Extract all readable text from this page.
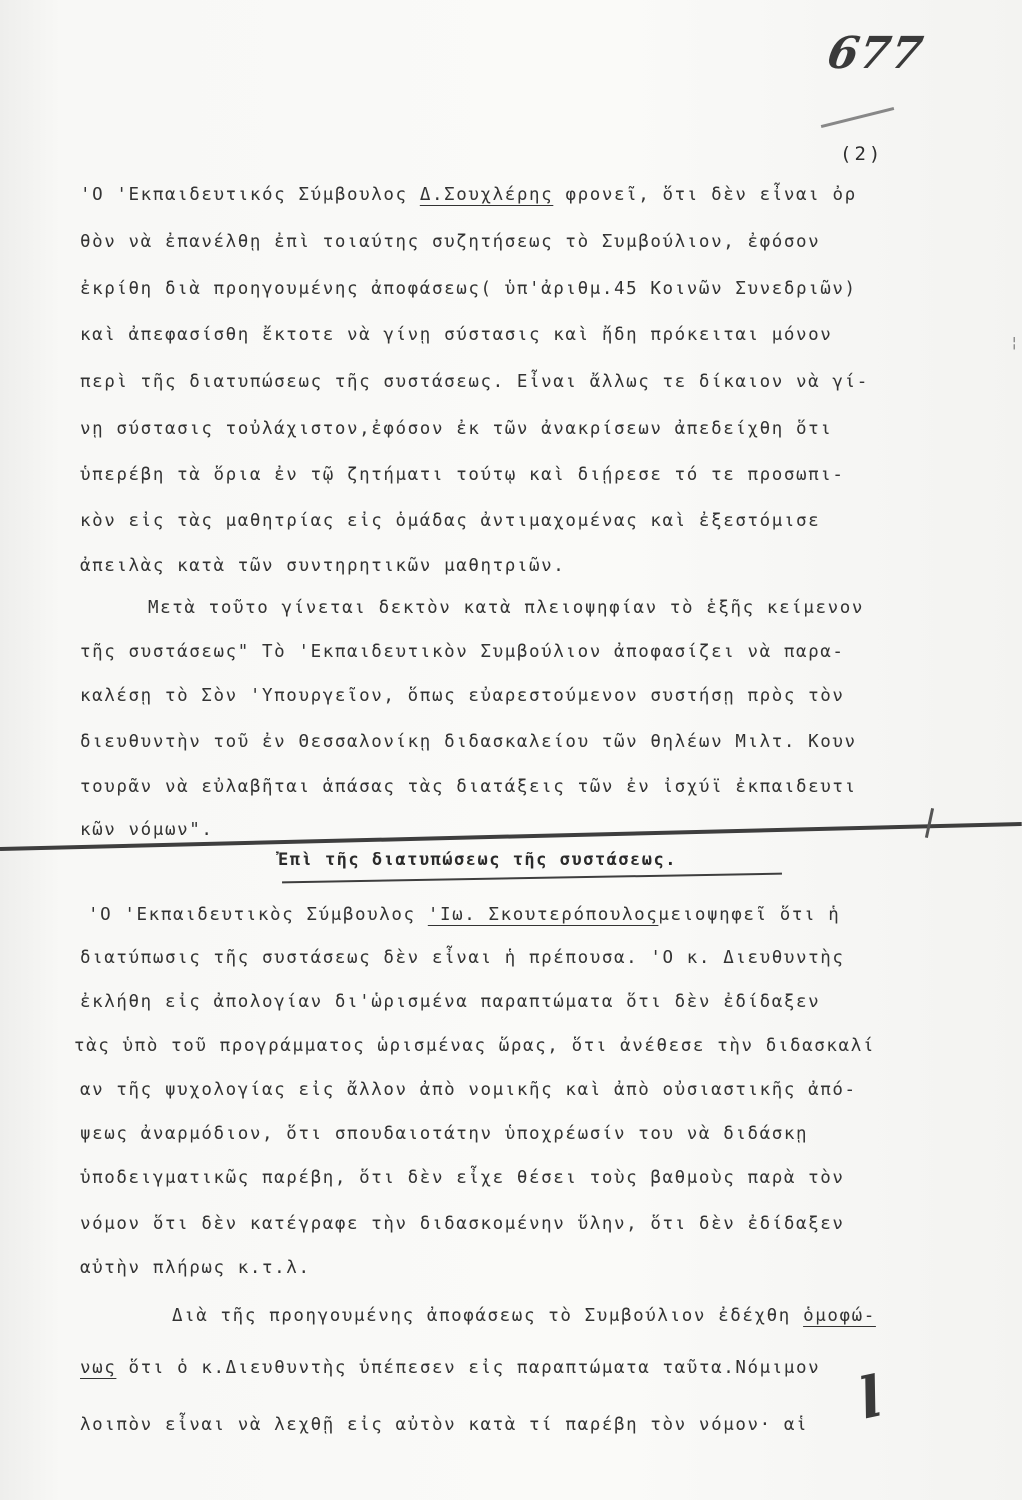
677
(2)
¦
'Ο 'Εκπαιδευτικός Σύμβουλος Δ.Σουχλέρης φρονεῖ, ὅτι δὲν εἶναι ὀρ
θὸν νὰ ἐπανέλθῃ ἐπὶ τοιαύτης συζητήσεως τὸ Συμβούλιον, ἐφόσον
ἐκρίθη διὰ προηγουμένης ἀποφάσεως( ὑπ'ἀριθμ.45 Κοινῶν Συνεδριῶν)
καὶ ἀπεφασίσθη ἔκτοτε νὰ γίνῃ σύστασις καὶ ἤδη πρόκειται μόνον
περὶ τῆς διατυπώσεως τῆς συστάσεως. Εἶναι ἄλλως τε δίκαιον νὰ γί-
νῃ σύστασις τοὐλάχιστον,ἐφόσον ἐκ τῶν ἀνακρίσεων ἀπεδείχθη ὅτι
ὑπερέβη τὰ ὅρια ἐν τῷ ζητήματι τούτῳ καὶ διῄρεσε τό τε προσωπι-
κὸν εἰς τὰς μαθητρίας εἰς ὁμάδας ἀντιμαχομένας καὶ ἐξεστόμισε
ἀπειλὰς κατὰ τῶν συντηρητικῶν μαθητριῶν.
Μετὰ τοῦτο γίνεται δεκτὸν κατὰ πλειοψηφίαν τὸ ἑξῆς κείμενον
τῆς συστάσεως" Τὸ 'Εκπαιδευτικὸν Συμβούλιον ἀποφασίζει νὰ παρα-
καλέσῃ τὸ Σὸν 'Υπουργεῖον, ὅπως εὐαρεστούμενον συστήσῃ πρὸς τὸν
διευθυντὴν τοῦ ἐν Θεσσαλονίκῃ διδασκαλείου τῶν θηλέων Μιλτ. Κουν
τουρᾶν νὰ εὐλαβῆται ἁπάσας τὰς διατάξεις τῶν ἐν ἰσχύϊ ἐκπαιδευτι
κῶν νόμων".
'Ο 'Εκπαιδευτικὸς Σύμβουλος 'Ιω. Σκουτερόπουλοςμειοψηφεῖ ὅτι ἡ
διατύπωσις τῆς συστάσεως δὲν εἶναι ἡ πρέπουσα. 'Ο κ. Διευθυντὴς
ἐκλήθη εἰς ἀπολογίαν δι'ὡρισμένα παραπτώματα ὅτι δὲν ἐδίδαξεν
τὰς ὑπὸ τοῦ προγράμματος ὡρισμένας ὥρας, ὅτι ἀνέθεσε τὴν διδασκαλί
αν τῆς ψυχολογίας εἰς ἄλλον ἀπὸ νομικῆς καὶ ἀπὸ οὐσιαστικῆς ἀπό-
ψεως ἀναρμόδιον, ὅτι σπουδαιοτάτην ὑποχρέωσίν του νὰ διδάσκῃ
ὑποδειγματικῶς παρέβη, ὅτι δὲν εἶχε θέσει τοὺς βαθμοὺς παρὰ τὸν
νόμον ὅτι δὲν κατέγραφε τὴν διδασκομένην ὕλην, ὅτι δὲν ἐδίδαξεν
αὐτὴν πλήρως κ.τ.λ.
Διὰ τῆς προηγουμένης ἀποφάσεως τὸ Συμβούλιον ἐδέχθη ὁμοφώ-
νως ὅτι ὁ κ.Διευθυντὴς ὑπέπεσεν εἰς παραπτώματα ταῦτα.Νόμιμον
λοιπὸν εἶναι νὰ λεχθῇ εἰς αὐτὸν κατὰ τί παρέβη τὸν νόμον· αἱ
Ἐπὶ τῆς διατυπώσεως τῆς συστάσεως.
l
